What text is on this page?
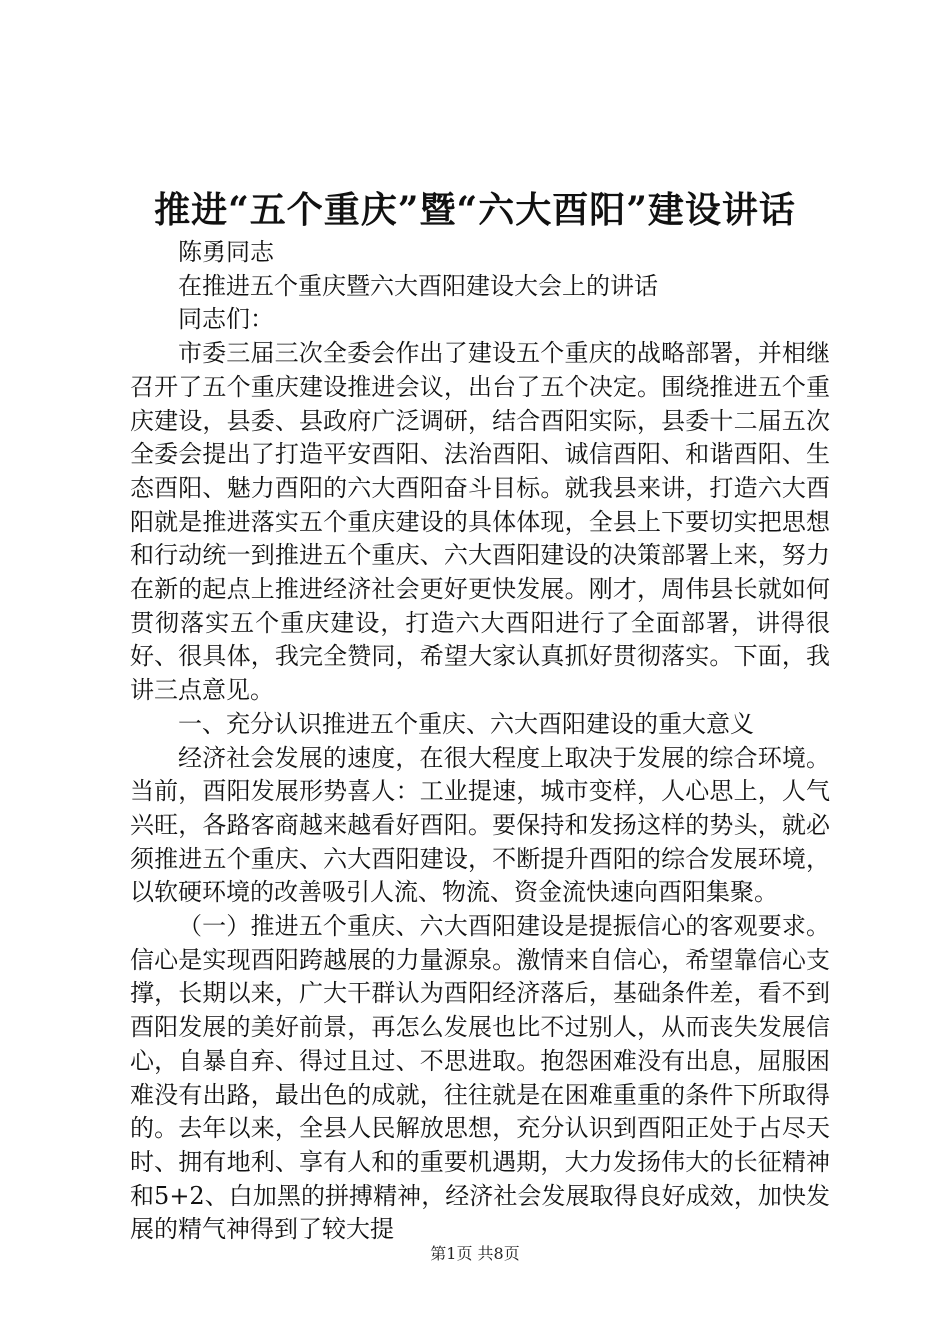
推进“五个重庆”暨“六大酉阳”建设讲话

陈勇同志

在推进五个重庆暨六大酉阳建设大会上的讲话

同志们：

市委三届三次全委会作出了建设五个重庆的战略部署，并相继召开了五个重庆建设推进会议，出台了五个决定。围绕推进五个重庆建设，县委、县政府广泛调研，结合酉阳实际，县委十二届五次全委会提出了打造平安酉阳、法治酉阳、诚信酉阳、和谐酉阳、生态酉阳、魅力酉阳的六大酉阳奋斗目标。就我县来讲，打造六大酉阳就是推进落实五个重庆建设的具体体现，全县上下要切实把思想和行动统一到推进五个重庆、六大酉阳建设的决策部署上来，努力在新的起点上推进经济社会更好更快发展。刚才，周伟县长就如何贯彻落实五个重庆建设，打造六大酉阳进行了全面部署，讲得很好、很具体，我完全赞同，希望大家认真抓好贯彻落实。下面，我讲三点意见。

一、充分认识推进五个重庆、六大酉阳建设的重大意义

经济社会发展的速度，在很大程度上取决于发展的综合环境。当前，酉阳发展形势喜人：工业提速，城市变样，人心思上，人气兴旺，各路客商越来越看好酉阳。要保持和发扬这样的势头，就必须推进五个重庆、六大酉阳建设，不断提升酉阳的综合发展环境，以软硬环境的改善吸引人流、物流、资金流快速向酉阳集聚。

（一）推进五个重庆、六大酉阳建设是提振信心的客观要求。信心是实现酉阳跨越展的力量源泉。激情来自信心，希望靠信心支撑，长期以来，广大干群认为酉阳经济落后，基础条件差，看不到酉阳发展的美好前景，再怎么发展也比不过别人，从而丧失发展信心，自暴自弃、得过且过、不思进取。抱怨困难没有出息，屈服困难没有出路，最出色的成就，往往就是在困难重重的条件下所取得的。去年以来，全县人民解放思想，充分认识到酉阳正处于占尽天时、拥有地利、享有人和的重要机遇期，大力发扬伟大的长征精神和5+2、白加黑的拼搏精神，经济社会发展取得良好成效，加快发展的精气神得到了较大提

第1页 共8页
